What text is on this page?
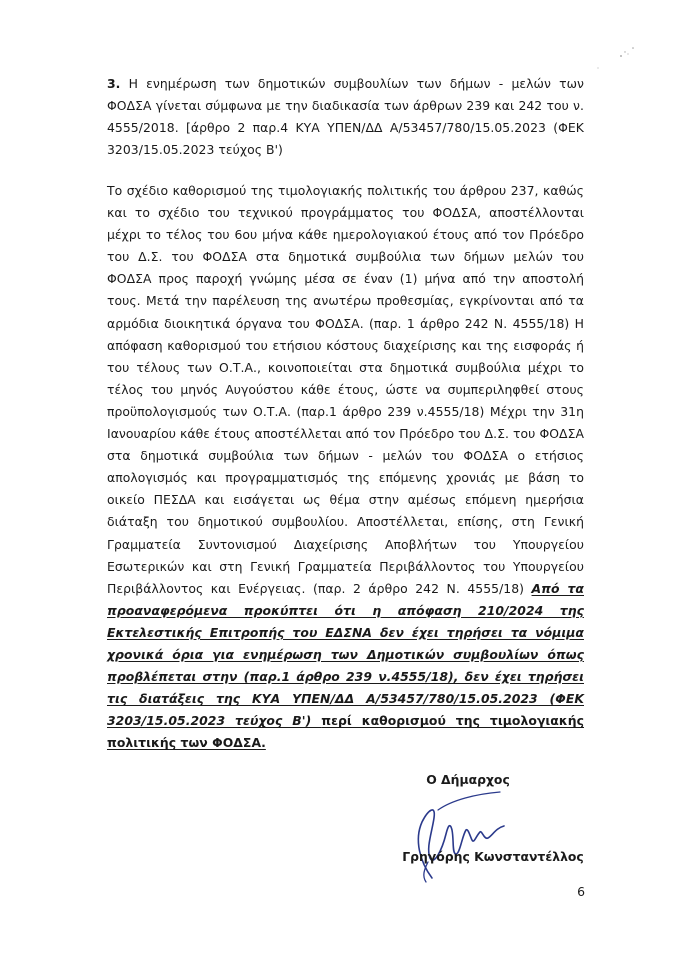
3. Η ενημέρωση των δημοτικών συμβουλίων των δήμων - μελών των ΦΟΔΣΑ γίνεται σύμφωνα με την διαδικασία των άρθρων 239 και 242 του ν. 4555/2018. [άρθρο 2 παρ.4 ΚΥΑ ΥΠΕΝ/ΔΔ Α/53457/780/15.05.2023 (ΦΕΚ 3203/15.05.2023 τεύχος Β')

Το σχέδιο καθορισμού της τιμολογιακής πολιτικής του άρθρου 237, καθώς και το σχέδιο του τεχνικού προγράμματος του ΦΟΔΣΑ, αποστέλλονται μέχρι το τέλος του 6ου μήνα κάθε ημερολογιακού έτους από τον Πρόεδρο του Δ.Σ. του ΦΟΔΣΑ στα δημοτικά συμβούλια των δήμων μελών του ΦΟΔΣΑ προς παροχή γνώμης μέσα σε έναν (1) μήνα από την αποστολή τους. Μετά την παρέλευση της ανωτέρω προθεσμίας, εγκρίνονται από τα αρμόδια διοικητικά όργανα του ΦΟΔΣΑ. (παρ. 1 άρθρο 242 Ν. 4555/18) Η απόφαση καθορισμού του ετήσιου κόστους διαχείρισης και της εισφοράς ή του τέλους των Ο.Τ.Α., κοινοποιείται στα δημοτικά συμβούλια μέχρι το τέλος του μηνός Αυγούστου κάθε έτους, ώστε να συμπεριληφθεί στους προϋπολογισμούς των Ο.Τ.Α. (παρ.1 άρθρο 239 ν.4555/18) Μέχρι την 31η Ιανουαρίου κάθε έτους αποστέλλεται από τον Πρόεδρο του Δ.Σ. του ΦΟΔΣΑ στα δημοτικά συμβούλια των δήμων - μελών του ΦΟΔΣΑ ο ετήσιος απολογισμός και προγραμματισμός της επόμενης χρονιάς με βάση το οικείο ΠΕΣΔΑ και εισάγεται ως θέμα στην αμέσως επόμενη ημερήσια διάταξη του δημοτικού συμβουλίου. Αποστέλλεται, επίσης, στη Γενική Γραμματεία Συντονισμού Διαχείρισης Αποβλήτων του Υπουργείου Εσωτερικών και στη Γενική Γραμματεία Περιβάλλοντος του Υπουργείου Περιβάλλοντος και Ενέργειας. (παρ. 2 άρθρο 242 Ν. 4555/18) Από τα προαναφερόμενα προκύπτει ότι η απόφαση 210/2024 της Εκτελεστικής Επιτροπής του ΕΔΣΝΑ δεν έχει τηρήσει τα νόμιμα χρονικά όρια για ενημέρωση των Δημοτικών συμβουλίων όπως προβλέπεται στην (παρ.1 άρθρο 239 ν.4555/18), δεν έχει τηρήσει τις διατάξεις της ΚΥΑ ΥΠΕΝ/ΔΔ Α/53457/780/15.05.2023 (ΦΕΚ 3203/15.05.2023 τεύχος Β') περί καθορισμού της τιμολογιακής πολιτικής των ΦΟΔΣΑ.

Ο Δήμαρχος
Γρηγόρης Κωνσταντέλλος
6
